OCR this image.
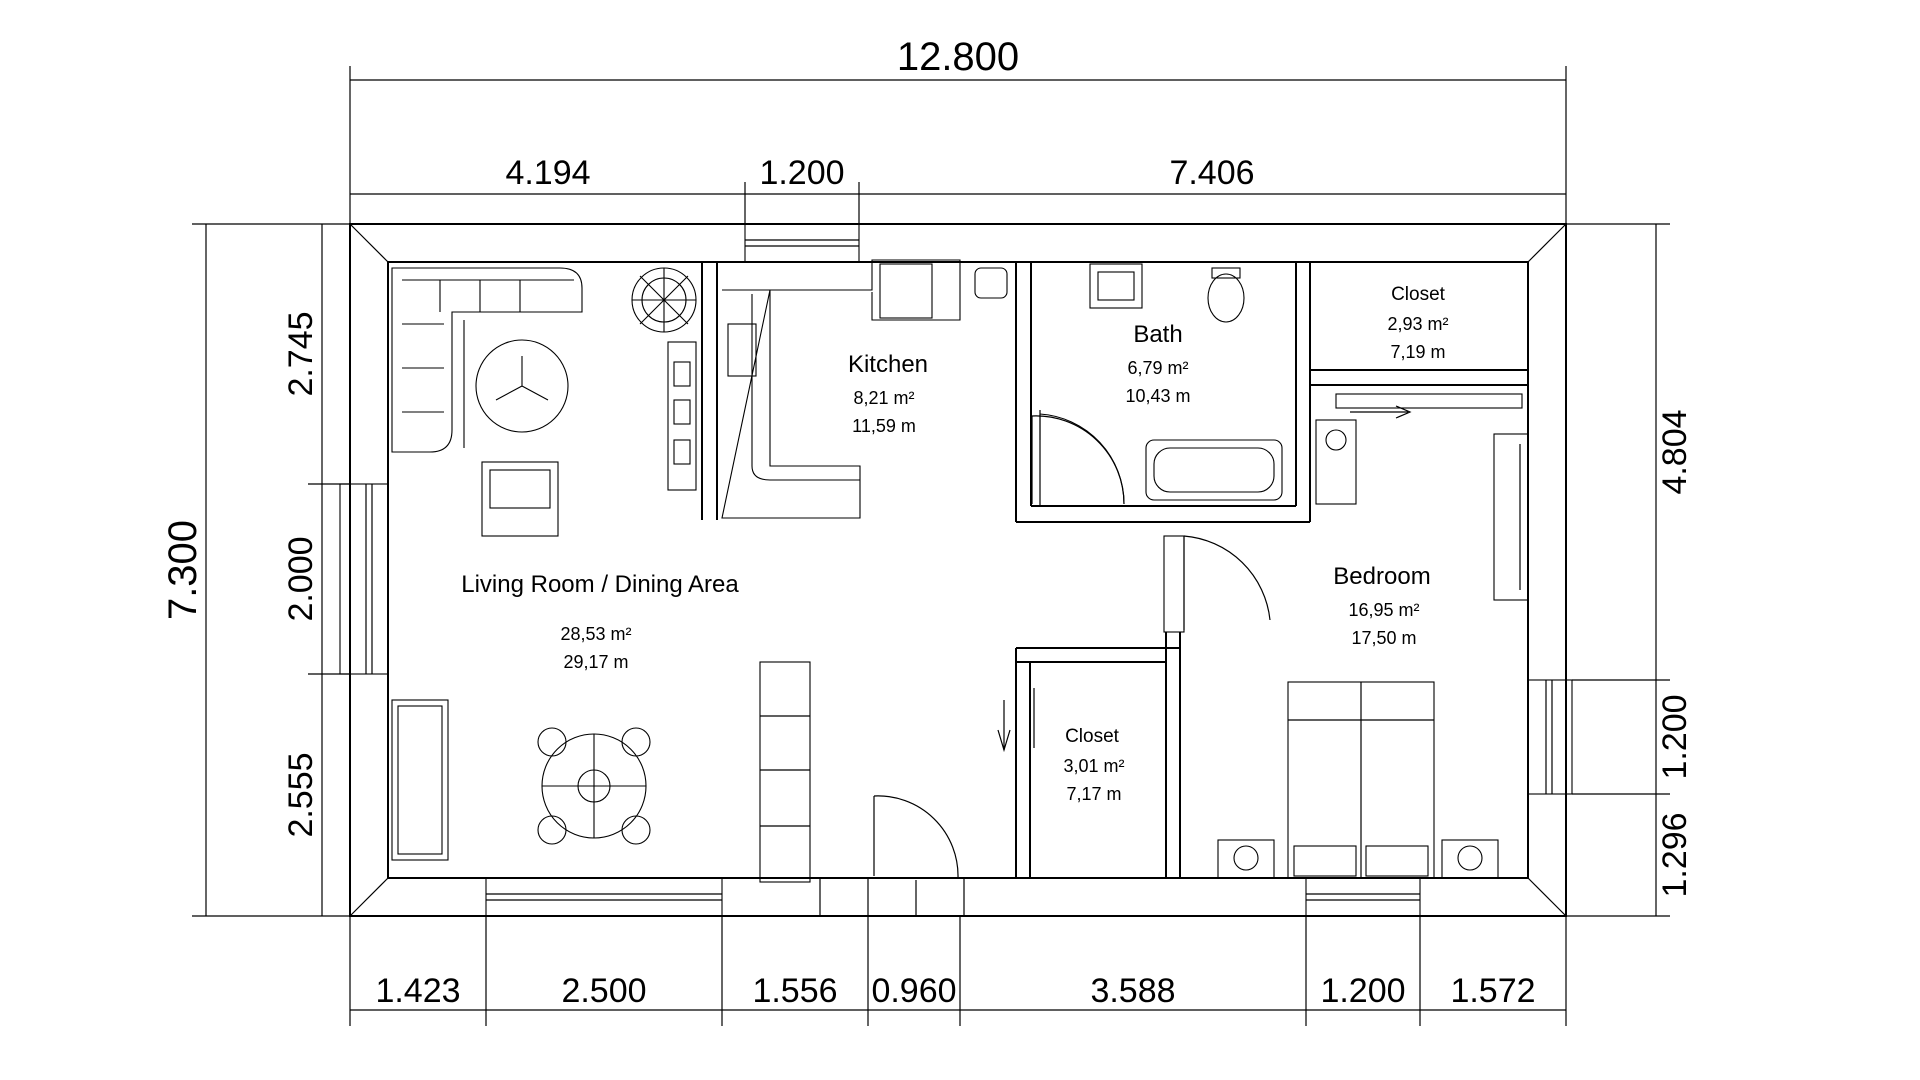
12.800
4.194	1.200	7.406
7.300
2.745
2.000
2.555
4.804
1.200
1.296
1.423	2.500	1.556 0.960	3.588	1.200 1.572
Kitchen
8,21 m²
11,59 m
Bath
6,79 m²
10,43 m
Closet
2,93 m²
7,19 m
Living Room / Dining Area
28,53 m²
29,17 m
Bedroom
16,95 m²
17,50 m
Closet
3,01 m²
7,17 m
